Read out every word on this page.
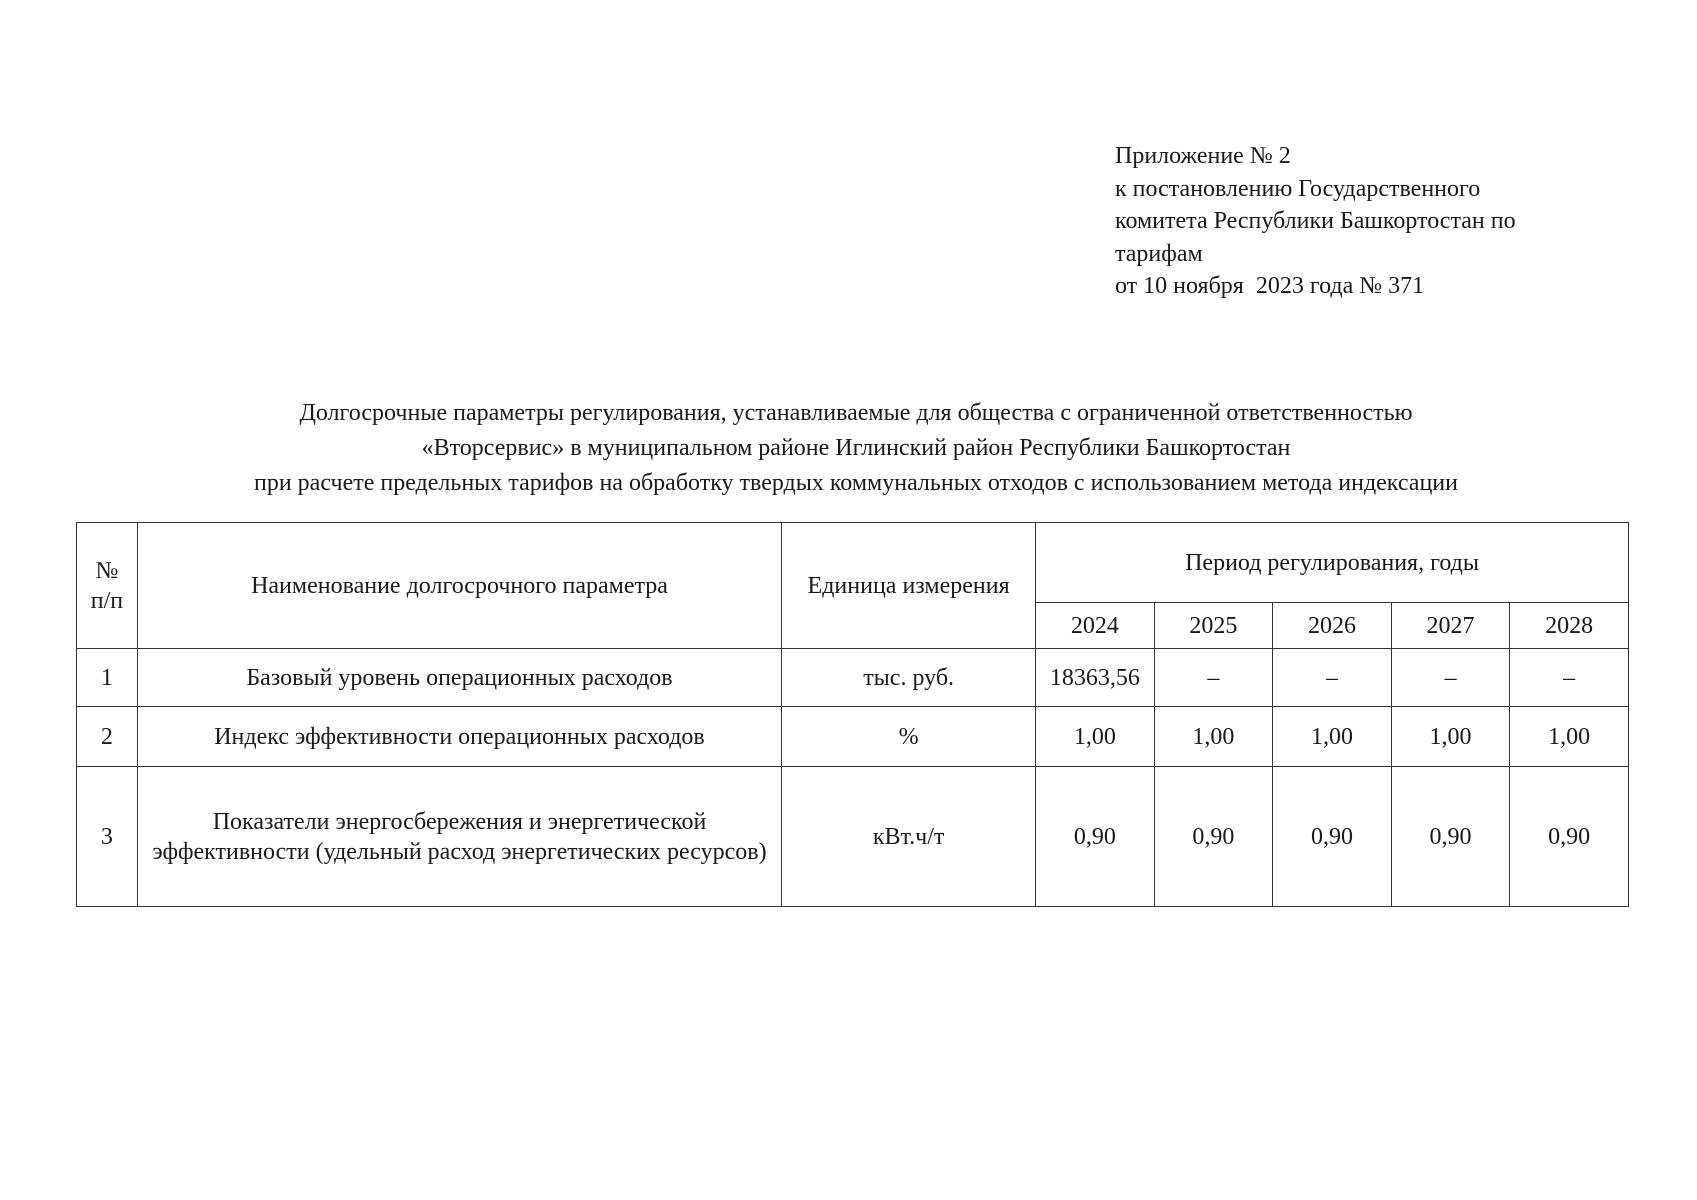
Приложение № 2
к постановлению Государственного
комитета Республики Башкортостан по
тарифам
от 10 ноября  2023 года № 371
Долгосрочные параметры регулирования, устанавливаемые для общества с ограниченной ответственностью
«Вторсервис» в муниципальном районе Иглинский район Республики Башкортостан
при расчете предельных тарифов на обработку твердых коммунальных отходов с использованием метода индексации
№ п/п	Наименование долгосрочного параметра	Единица измерения	Период регулирования, годы				
			2024	2025	2026	2027	2028
1	Базовый уровень операционных расходов	тыс. руб.	18363,56	–	–	–	–
2	Индекс эффективности операционных расходов	%	1,00	1,00	1,00	1,00	1,00
3	Показатели энергосбережения и энергетической эффективности (удельный расход энергетических ресурсов)	кВт.ч/т	0,90	0,90	0,90	0,90	0,90
